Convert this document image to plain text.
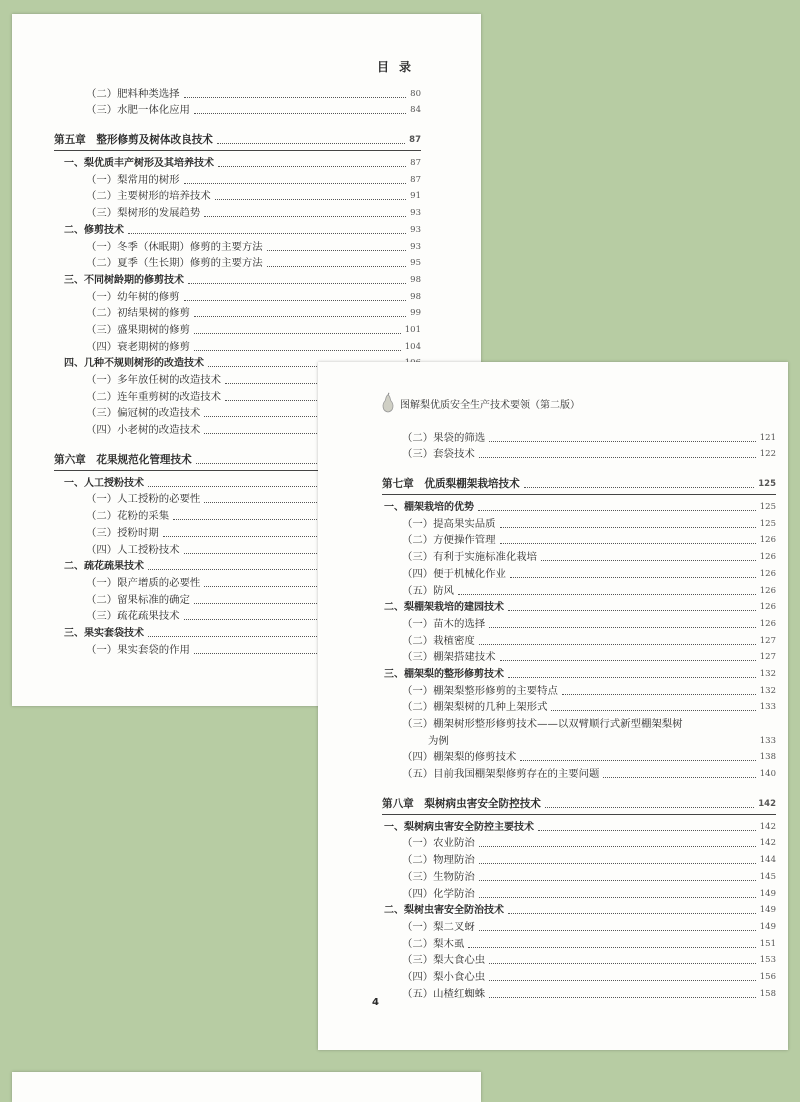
目录
（二）肥料种类选择	80
（三）水肥一体化应用	84
第五章　整形修剪及树体改良技术	87
一、梨优质丰产树形及其培养技术	87
（一）梨常用的树形	87
（二）主要树形的培养技术	91
（三）梨树形的发展趋势	93
二、修剪技术	93
（一）冬季（休眠期）修剪的主要方法	93
（二）夏季（生长期）修剪的主要方法	95
三、不同树龄期的修剪技术	98
（一）幼年树的修剪	98
（二）初结果树的修剪	99
（三）盛果期树的修剪	101
（四）衰老期树的修剪	104
四、几种不规则树形的改造技术
（一）多年放任树的改造技术
（二）连年重剪树的改造技术
（三）偏冠树的改造技术
（四）小老树的改造技术
第六章　花果规范化管理技术
一、人工授粉技术
（一）人工授粉的必要性
（二）花粉的采集
（三）授粉时期
（四）人工授粉技术
二、疏花疏果技术
（一）限产增质的必要性
（二）留果标准的确定
（三）疏花疏果技术
三、果实套袋技术
（一）果实套袋的作用
图解梨优质安全生产技术要领（第二版）
（二）果袋的筛选	121
（三）套袋技术	122
第七章　优质梨棚架栽培技术	125
一、棚架栽培的优势	125
（一）提高果实品质	125
（二）方便操作管理	126
（三）有利于实施标准化栽培	126
（四）便于机械化作业	126
（五）防风	126
二、梨棚架栽培的建园技术	126
（一）苗木的选择	126
（二）栽植密度	127
（三）棚架搭建技术	127
三、棚架梨的整形修剪技术	132
（一）棚架梨整形修剪的主要特点	132
（二）棚架梨树的几种上架形式	133
（三）棚架树形整形修剪技术——以双臂顺行式新型棚架梨树
为例	133
（四）棚架梨的修剪技术	138
（五）目前我国棚架梨修剪存在的主要问题	140
第八章　梨树病虫害安全防控技术	142
一、梨树病虫害安全防控主要技术	142
（一）农业防治	142
（二）物理防治	144
（三）生物防治	145
（四）化学防治	149
二、梨树虫害安全防治技术	149
（一）梨二叉蚜	149
（二）梨木虱	151
（三）梨大食心虫	153
（四）梨小食心虫	156
（五）山楂红蜘蛛	158
4
